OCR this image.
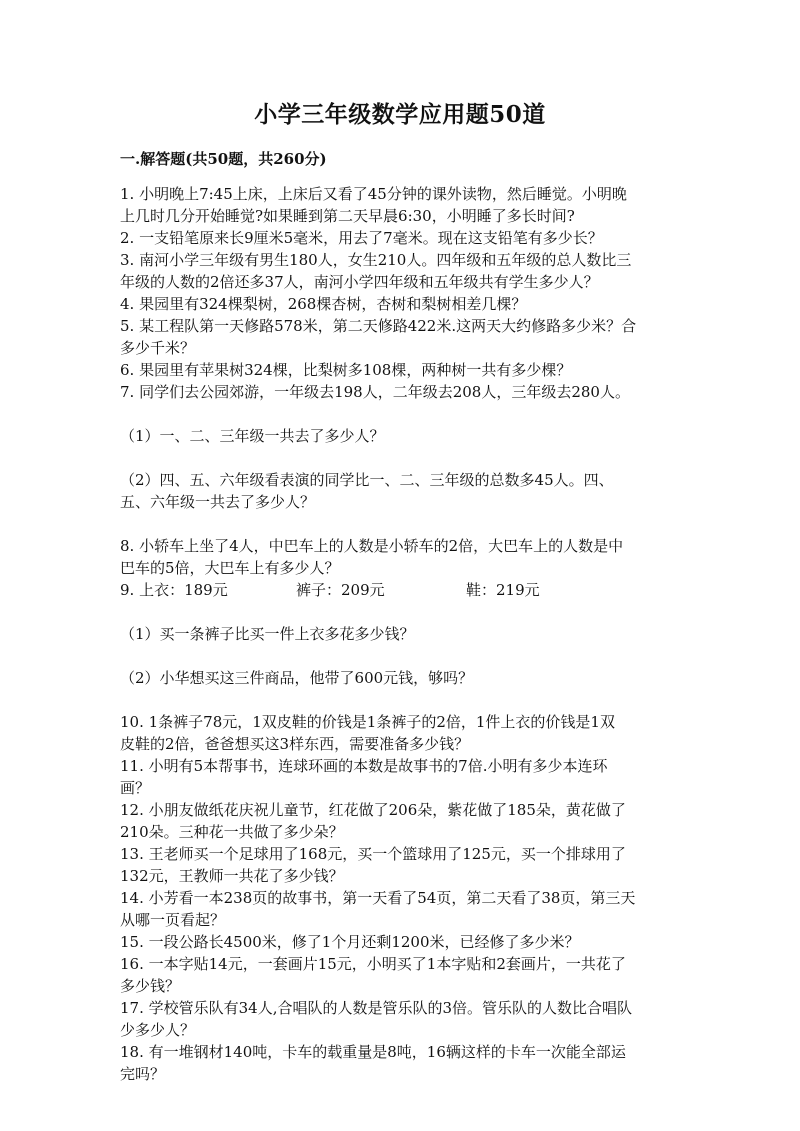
小学三年级数学应用题50道
一.解答题(共50题，共260分)
1. 小明晚上7:45上床，上床后又看了45分钟的课外读物，然后睡觉。小明晚
上几时几分开始睡觉?如果睡到第二天早晨6:30，小明睡了多长时间?
2. 一支铅笔原来长9厘米5毫米，用去了7毫米。现在这支铅笔有多少长？
3. 南河小学三年级有男生180人，女生210人。四年级和五年级的总人数比三
年级的人数的2倍还多37人，南河小学四年级和五年级共有学生多少人？
4. 果园里有324棵梨树，268棵杏树，杏树和梨树相差几棵？
5. 某工程队第一天修路578米，第二天修路422米.这两天大约修路多少米？合
多少千米？
6. 果园里有苹果树324棵，比梨树多108棵，两种树一共有多少棵？
7. 同学们去公园郊游，一年级去198人，二年级去208人，三年级去280人。
（1）一、二、三年级一共去了多少人？
（2）四、五、六年级看表演的同学比一、二、三年级的总数多45人。四、
五、六年级一共去了多少人？
8. 小轿车上坐了4人，中巴车上的人数是小轿车的2倍，大巴车上的人数是中
巴车的5倍，大巴车上有多少人？
9. 上衣：189元	裤子：209元	鞋：219元
（1）买一条裤子比买一件上衣多花多少钱？
（2）小华想买这三件商品，他带了600元钱，够吗？
10. 1条裤子78元，1双皮鞋的价钱是1条裤子的2倍，1件上衣的价钱是1双
皮鞋的2倍，爸爸想买这3样东西，需要准备多少钱？
11. 小明有5本帮事书，连球环画的本数是故事书的7倍.小明有多少本连环
画？
12. 小朋友做纸花庆祝儿童节，红花做了206朵，紫花做了185朵，黄花做了
210朵。三种花一共做了多少朵？
13. 王老师买一个足球用了168元，买一个篮球用了125元，买一个排球用了
132元，王教师一共花了多少钱？
14. 小芳看一本238页的故事书，第一天看了54页，第二天看了38页，第三天
从哪一页看起？
15. 一段公路长4500米，修了1个月还剩1200米，已经修了多少米？
16. 一本字贴14元，一套画片15元，小明买了1本字贴和2套画片，一共花了
多少钱？
17. 学校管乐队有34人,合唱队的人数是管乐队的3倍。管乐队的人数比合唱队
少多少人？
18. 有一堆钢材140吨，卡车的载重量是8吨，16辆这样的卡车一次能全部运
完吗？
